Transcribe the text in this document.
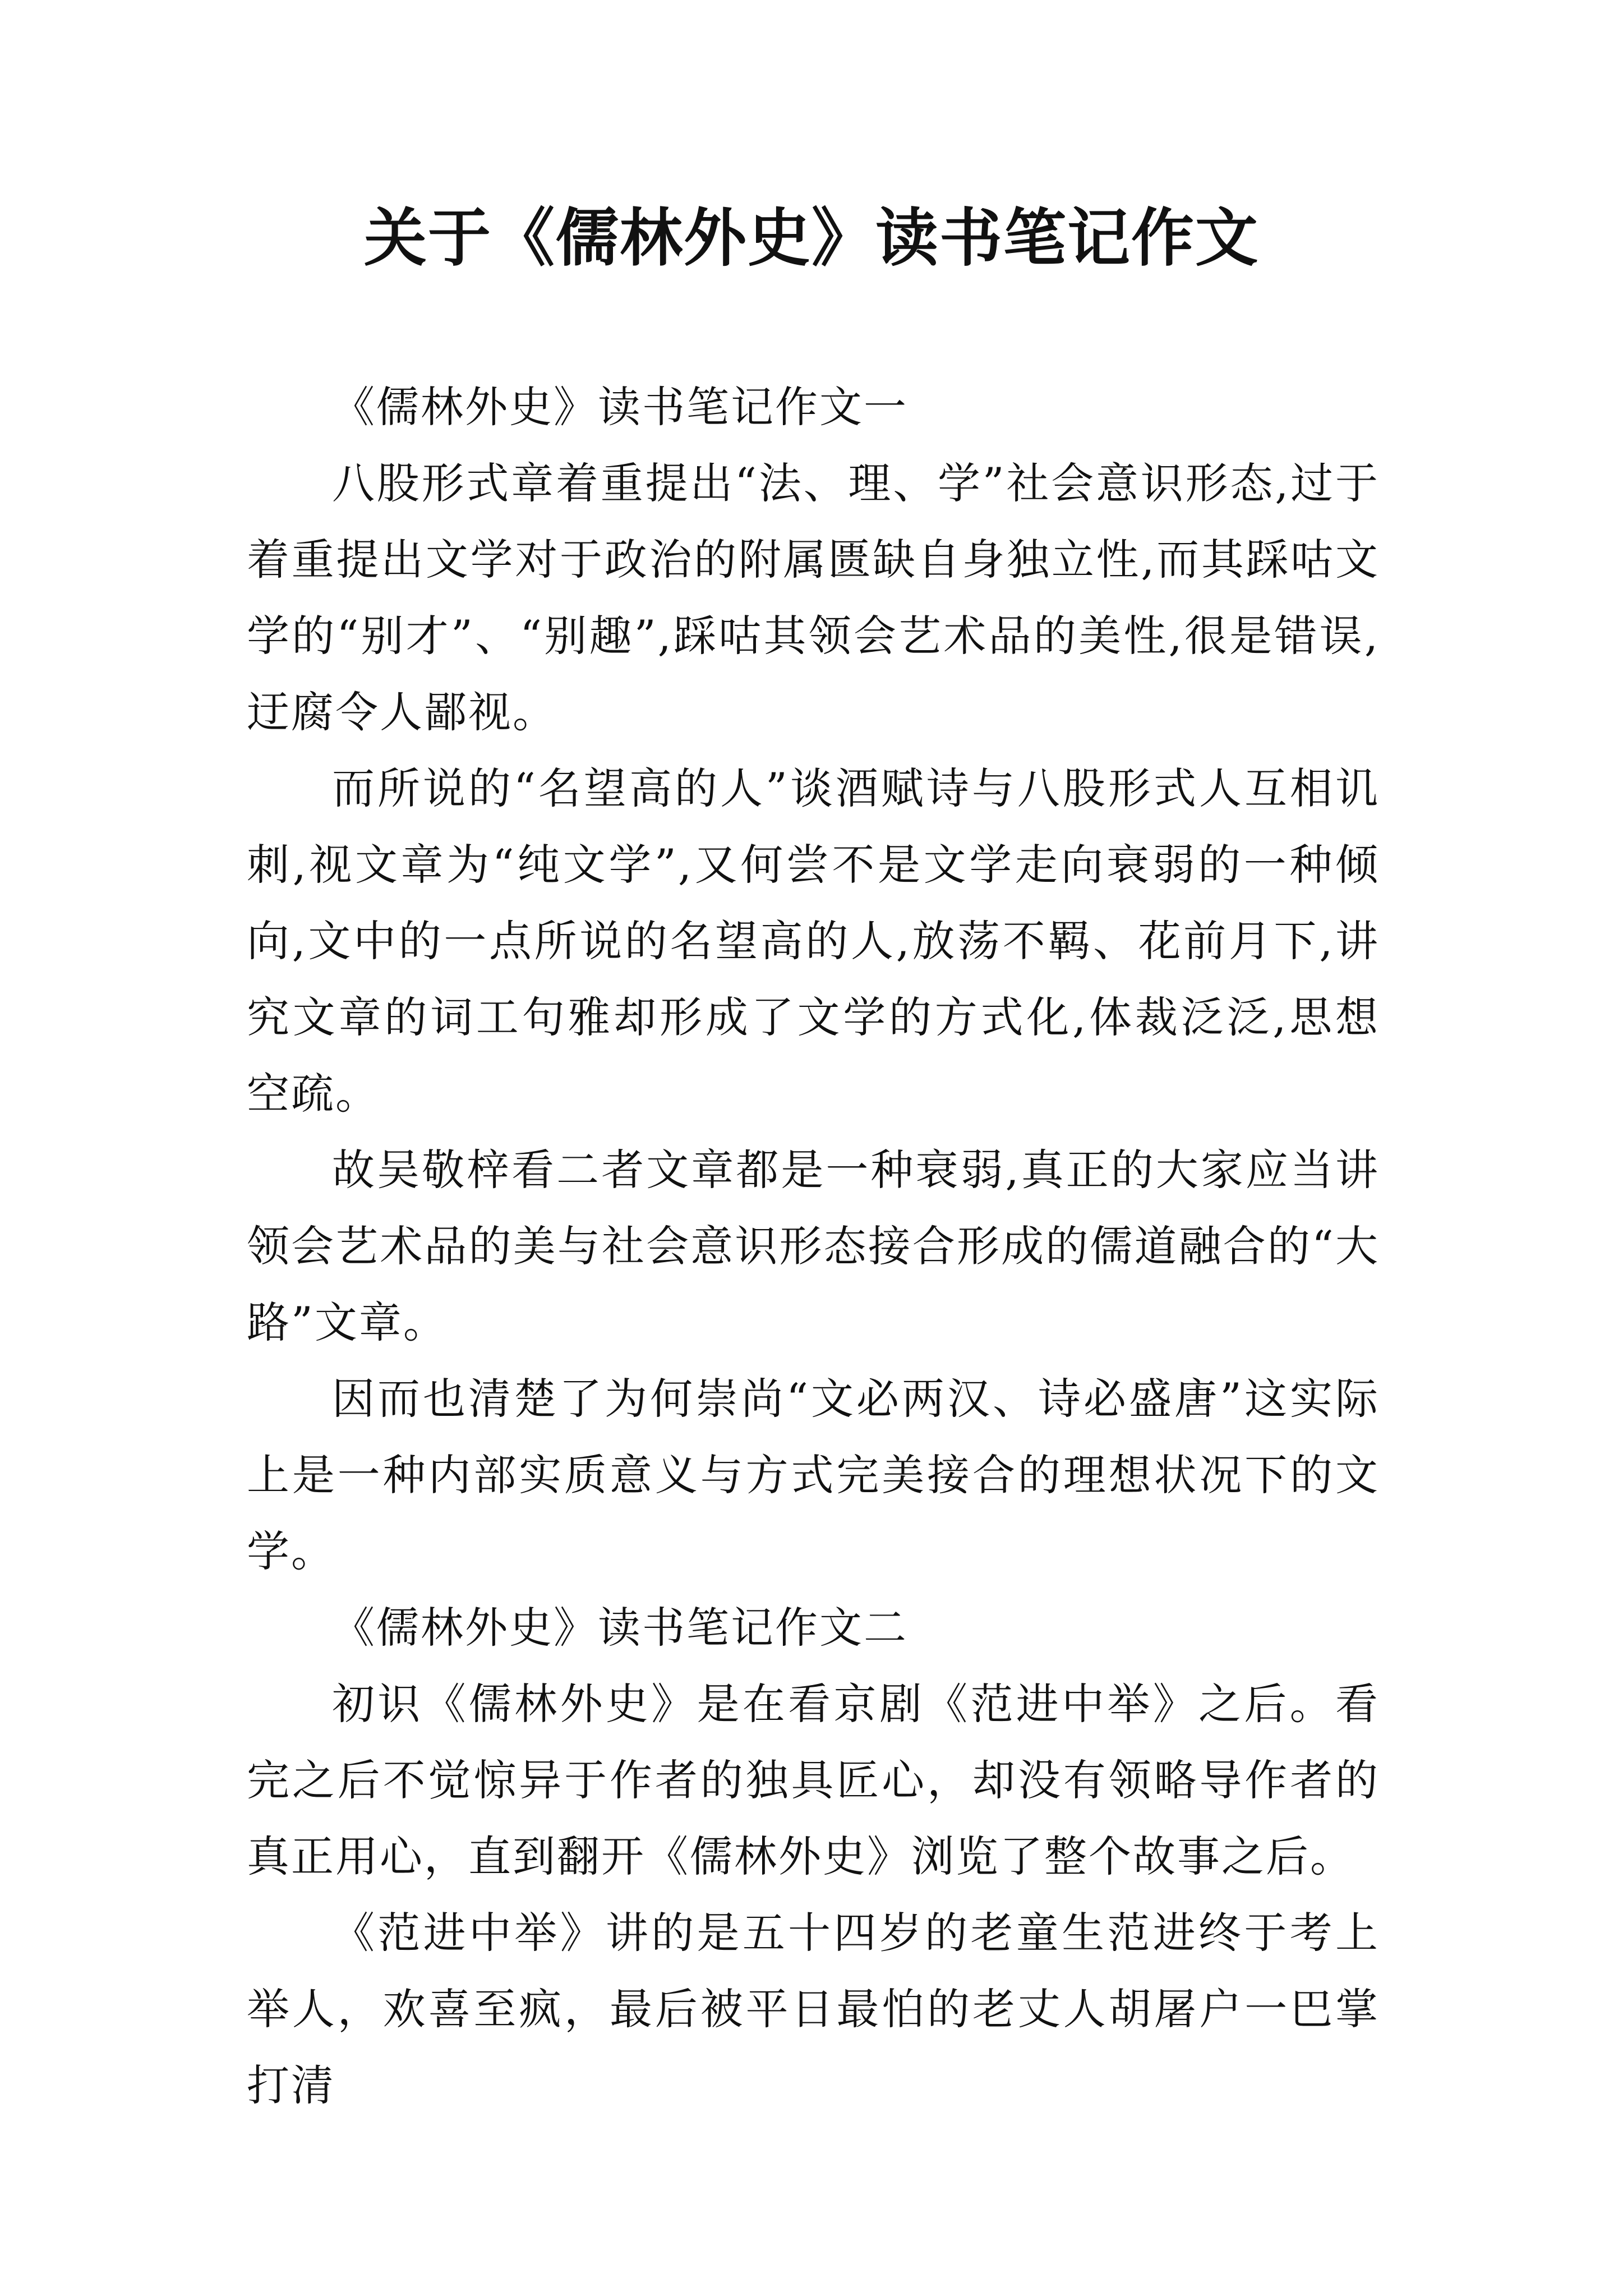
关于《儒林外史》读书笔记作文

《儒林外史》读书笔记作文一

八股形式章着重提出“法、理、学”社会意识形态,过于着重提出文学对于政治的附属匮缺自身独立性,而其踩咕文学的“别才”、“别趣”,踩咕其领会艺术品的美性,很是错误,迂腐令人鄙视。

而所说的“名望高的人”谈酒赋诗与八股形式人互相讥刺,视文章为“纯文学”,又何尝不是文学走向衰弱的一种倾向,文中的一点所说的名望高的人,放荡不羁、花前月下,讲究文章的词工句雅却形成了文学的方式化,体裁泛泛,思想空疏。

故吴敬梓看二者文章都是一种衰弱,真正的大家应当讲领会艺术品的美与社会意识形态接合形成的儒道融合的“大路”文章。

因而也清楚了为何崇尚“文必两汉、诗必盛唐”这实际上是一种内部实质意义与方式完美接合的理想状况下的文学。

《儒林外史》读书笔记作文二

初识《儒林外史》是在看京剧《范进中举》之后。看完之后不觉惊异于作者的独具匠心，却没有领略导作者的真正用心，直到翻开《儒林外史》浏览了整个故事之后。

《范进中举》讲的是五十四岁的老童生范进终于考上举人，欢喜至疯，最后被平日最怕的老丈人胡屠户一巴掌打清
